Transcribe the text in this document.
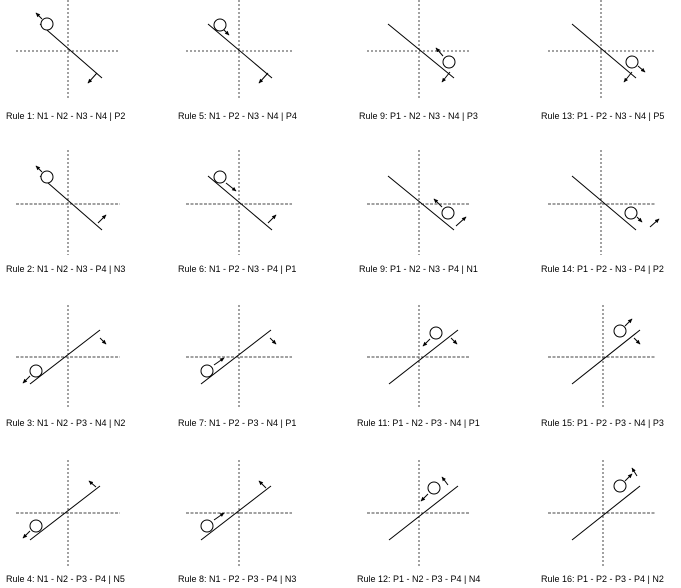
Rule 1: N1 - N2 - N3 - N4 | P2	Rule 5: N1 - P2 - N3 - N4 | P4	Rule 9: P1 - N2 - N3 - N4 | P3	Rule 13: P1 - P2 - N3 - N4 | P5
Rule 2: N1 - N2 - N3 - P4 | N3	Rule 6: N1 - P2 - N3 - P4 | P1	Rule 9: P1 - N2 - N3 - P4 | N1	Rule 14: P1 - P2 - N3 - P4 | P2
Rule 3: N1 - N2 - P3 - N4 | N2	Rule 7: N1 - P2 - P3 - N4 | P1	Rule 11: P1 - N2 - P3 - N4 | P1	Rule 15: P1 - P2 - P3 - N4 | P3
Rule 4: N1 - N2 - P3 - P4 | N5	Rule 8: N1 - P2 - P3 - P4 | N3	Rule 12: P1 - N2 - P3 - P4 | N4	Rule 16: P1 - P2 - P3 - P4 | N2
